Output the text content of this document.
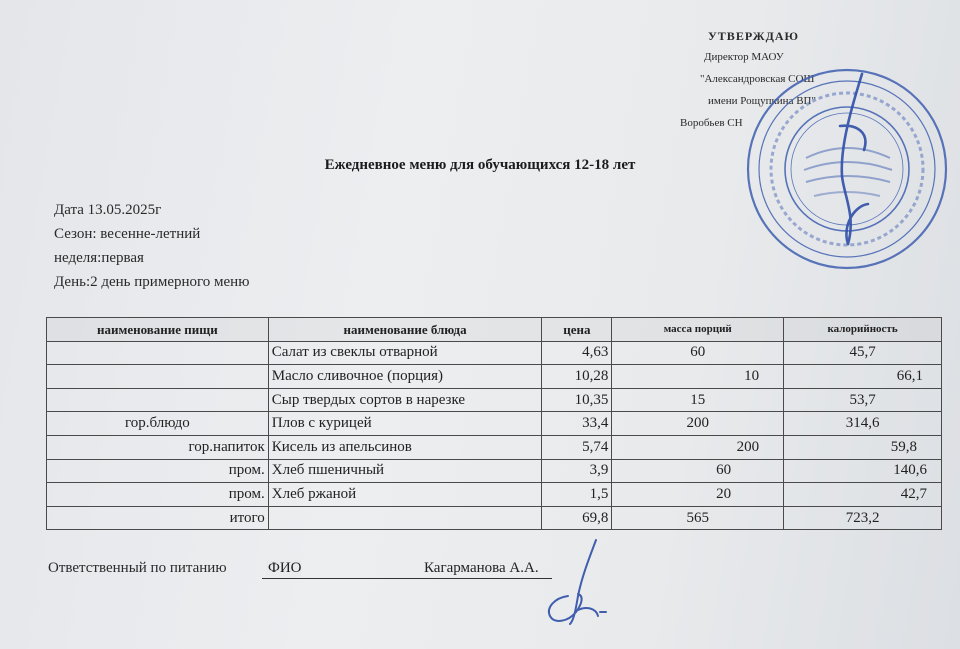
УТВЕРЖДАЮ
Директор МАОУ
"Александровская СОШ
имени Рощупкина ВП"
Воробьев СН
Ежедневное меню для обучающихся 12-18 лет
Дата 13.05.2025г
Сезон: весенне-летний
неделя:первая
День:2 день примерного меню
наименование пищи	наименование блюда	цена	масса порций	калорийность
	Салат из свеклы отварной	4,63	60	45,7
	Масло сливочное (порция)	10,28	10	66,1
	Сыр твердых сортов в нарезке	10,35	15	53,7
гор.блюдо	Плов с курицей	33,4	200	314,6
гор.напиток	Кисель из апельсинов	5,74	200	59,8
пром.	Хлеб пшеничный	3,9	60	140,6
пром.	Хлеб ржаной	1,5	20	42,7
итого		69,8	565	723,2
Ответственный по питанию	ФИО	Кагарманова А.А.
